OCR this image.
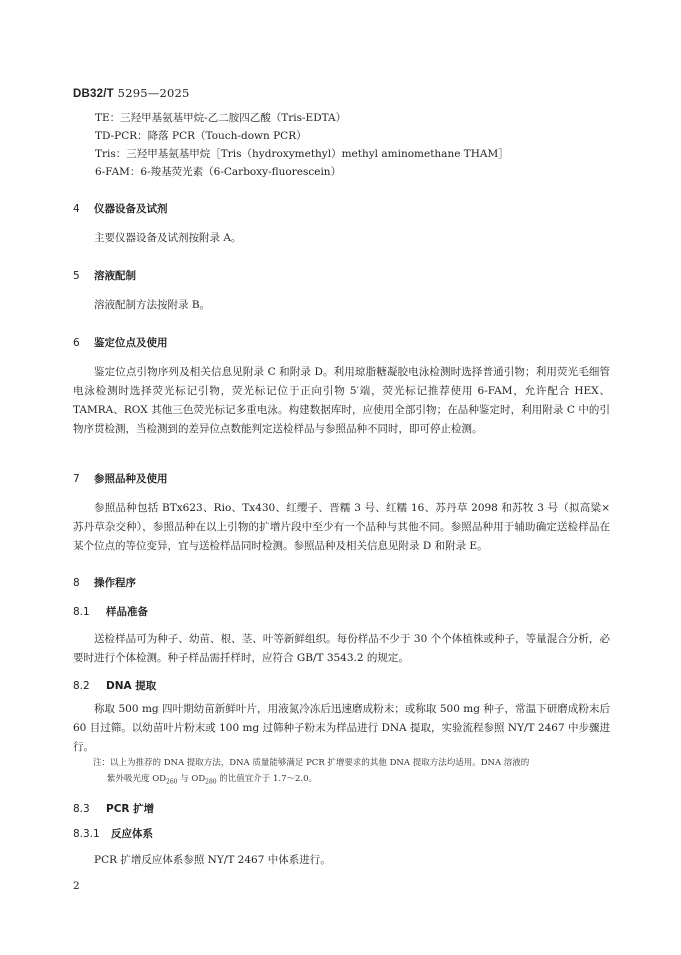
DB32/T 5295—2025
TE：三羟甲基氨基甲烷-乙二胺四乙酸（Tris-EDTA）
TD-PCR：降落 PCR（Touch-down PCR）
Tris：三羟甲基氨基甲烷［Tris（hydroxymethyl）methyl aminomethane THAM］
6-FAM：6-羧基荧光素（6-Carboxy-fluorescein）
4 仪器设备及试剂
主要仪器设备及试剂按附录 A。
5 溶液配制
溶液配制方法按附录 B。
6 鉴定位点及使用
鉴定位点引物序列及相关信息见附录 C 和附录 D。利用琼脂糖凝胶电泳检测时选择普通引物；利用荧光毛细管电泳检测时选择荧光标记引物，荧光标记位于正向引物 5′端，荧光标记推荐使用 6-FAM，允许配合 HEX、TAMRA、ROX 其他三色荧光标记多重电泳。构建数据库时，应使用全部引物；在品种鉴定时，利用附录 C 中的引物序贯检测，当检测到的差异位点数能判定送检样品与参照品种不同时，即可停止检测。
7 参照品种及使用
参照品种包括 BTx623、Rio、Tx430、红缨子、晋糯 3 号、红糯 16、苏丹草 2098 和苏牧 3 号（拟高粱×苏丹草杂交种），参照品种在以上引物的扩增片段中至少有一个品种与其他不同。参照品种用于辅助确定送检样品在某个位点的等位变异，宜与送检样品同时检测。参照品种及相关信息见附录 D 和附录 E。
8 操作程序
8.1 样品准备
送检样品可为种子、幼苗、根、茎、叶等新鲜组织。每份样品不少于 30 个个体植株或种子，等量混合分析，必要时进行个体检测。种子样品需扦样时，应符合 GB/T 3543.2 的规定。
8.2 DNA 提取
称取 500 mg 四叶期幼苗新鲜叶片，用液氮冷冻后迅速磨成粉末；或称取 500 mg 种子，常温下研磨成粉末后 60 目过筛。以幼苗叶片粉末或 100 mg 过筛种子粉末为样品进行 DNA 提取，实验流程参照 NY/T 2467 中步骤进行。
注：以上为推荐的 DNA 提取方法，DNA 质量能够满足 PCR 扩增要求的其他 DNA 提取方法均适用。DNA 溶液的
紫外吸光度 $OD_{260}$ 与 $OD_{280}$ 的比值宜介于 1.7～2.0。
8.3 PCR 扩增
8.3.1 反应体系
PCR 扩增反应体系参照 NY/T 2467 中体系进行。
2
